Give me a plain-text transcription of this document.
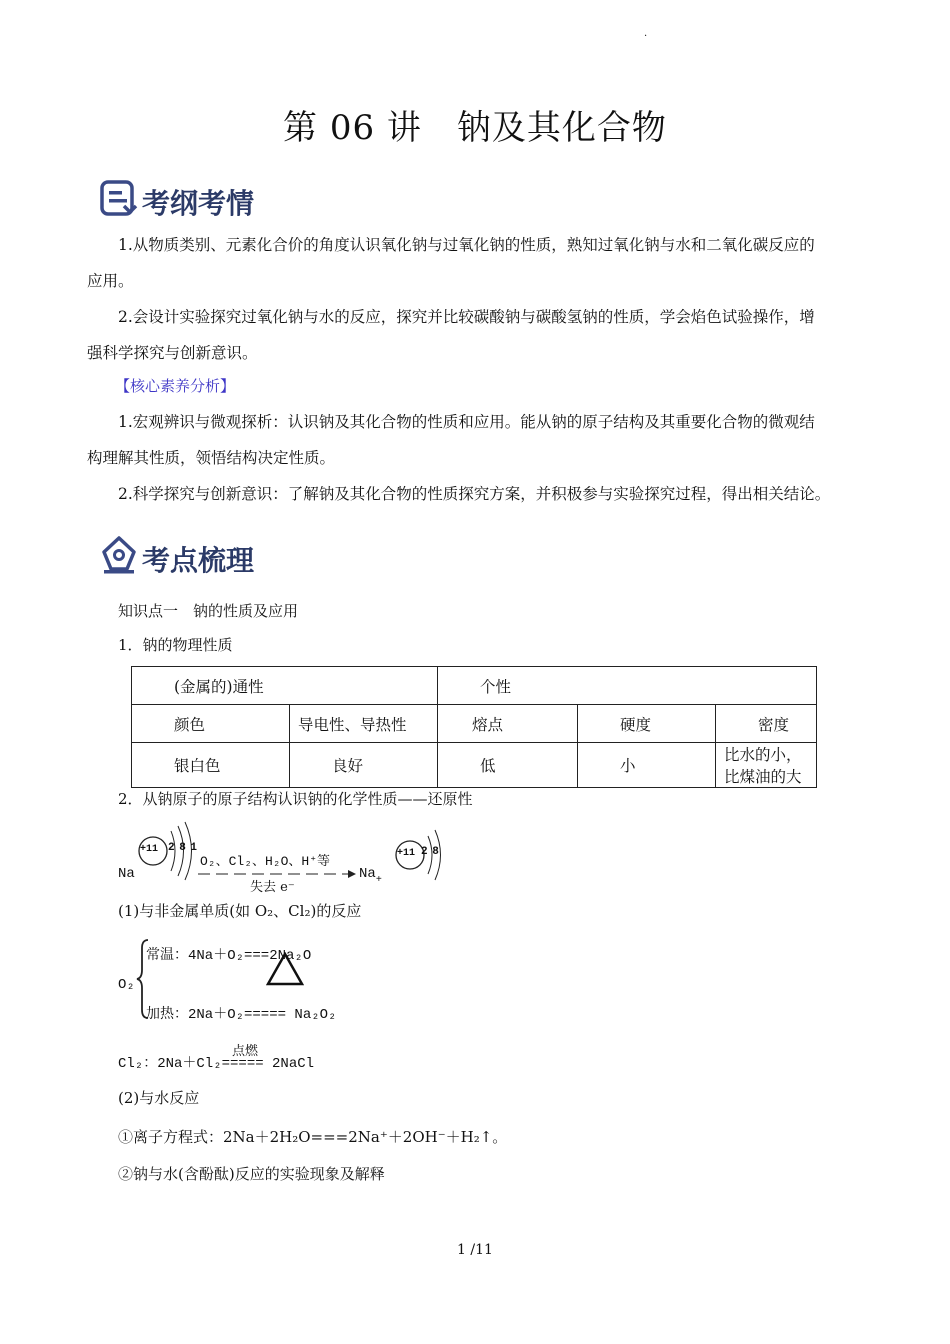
.
第 06 讲　钠及其化合物
考纲考情
1.从物质类别、元素化合价的角度认识氧化钠与过氧化钠的性质，熟知过氧化钠与水和二氧化碳反应的
应用。
2.会设计实验探究过氧化钠与水的反应，探究并比较碳酸钠与碳酸氢钠的性质，学会焰色试验操作，增
强科学探究与创新意识。
【核心素养分析】
1.宏观辨识与微观探析：认识钠及其化合物的性质和应用。能从钠的原子结构及其重要化合物的微观结
构理解其性质，领悟结构决定性质。
2.科学探究与创新意识：了解钠及其化合物的性质探究方案，并积极参与实验探究过程，得出相关结论。
考点梳理
知识点一　钠的性质及应用
1．钠的物理性质
(金属的)通性		个性		
颜色	导电性、导热性	熔点	硬度	密度
银白色	良好	低	小	比水的小，比煤油的大
2．从钠原子的原子结构认识钠的化学性质——还原性
+11 2 8 1
Na
O₂、Cl₂、H₂O、H⁺等
失去 e⁻
$Na_+$
+11 2 8
(1)与非金属单质(如 O₂、Cl₂)的反应
O₂
常温：4Na＋O₂===2Na₂O
加热：2Na＋O₂===== Na₂O₂
点燃
Cl₂：2Na＋Cl₂===== 2NaCl
(2)与水反应
①离子方程式：2Na＋2H₂O===2Na⁺＋2OH⁻＋H₂↑。
②钠与水(含酚酞)反应的实验现象及解释
1 /11
